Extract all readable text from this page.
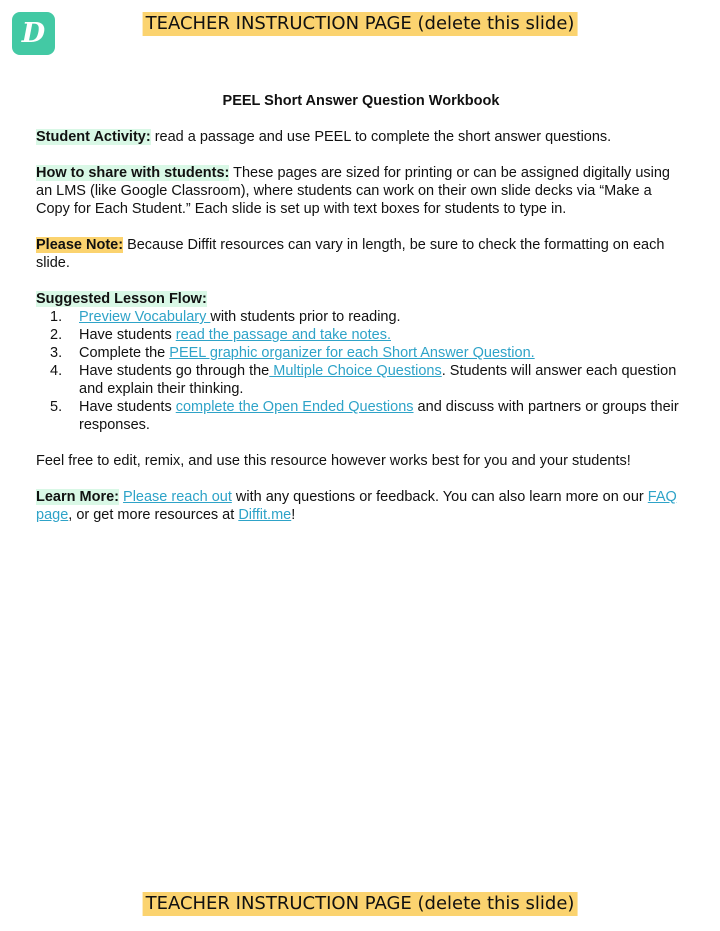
D	TEACHER INSTRUCTION PAGE (delete this slide)
PEEL Short Answer Question Workbook

Student Activity: read a passage and use PEEL to complete the short answer questions.

How to share with students: These pages are sized for printing or can be assigned digitally using an LMS (like Google Classroom), where students can work on their own slide decks via “Make a Copy for Each Student.” Each slide is set up with text boxes for students to type in.

Please Note: Because Diffit resources can vary in length, be sure to check the formatting on each slide.

Suggested Lesson Flow:
1. Preview Vocabulary with students prior to reading.
2. Have students read the passage and take notes.
3. Complete the PEEL graphic organizer for each Short Answer Question.
4. Have students go through the Multiple Choice Questions. Students will answer each question and explain their thinking.
5. Have students complete the Open Ended Questions and discuss with partners or groups their responses.

Feel free to edit, remix, and use this resource however works best for you and your students!

Learn More: Please reach out with any questions or feedback. You can also learn more on our FAQ page, or get more resources at Diffit.me!

TEACHER INSTRUCTION PAGE (delete this slide)
